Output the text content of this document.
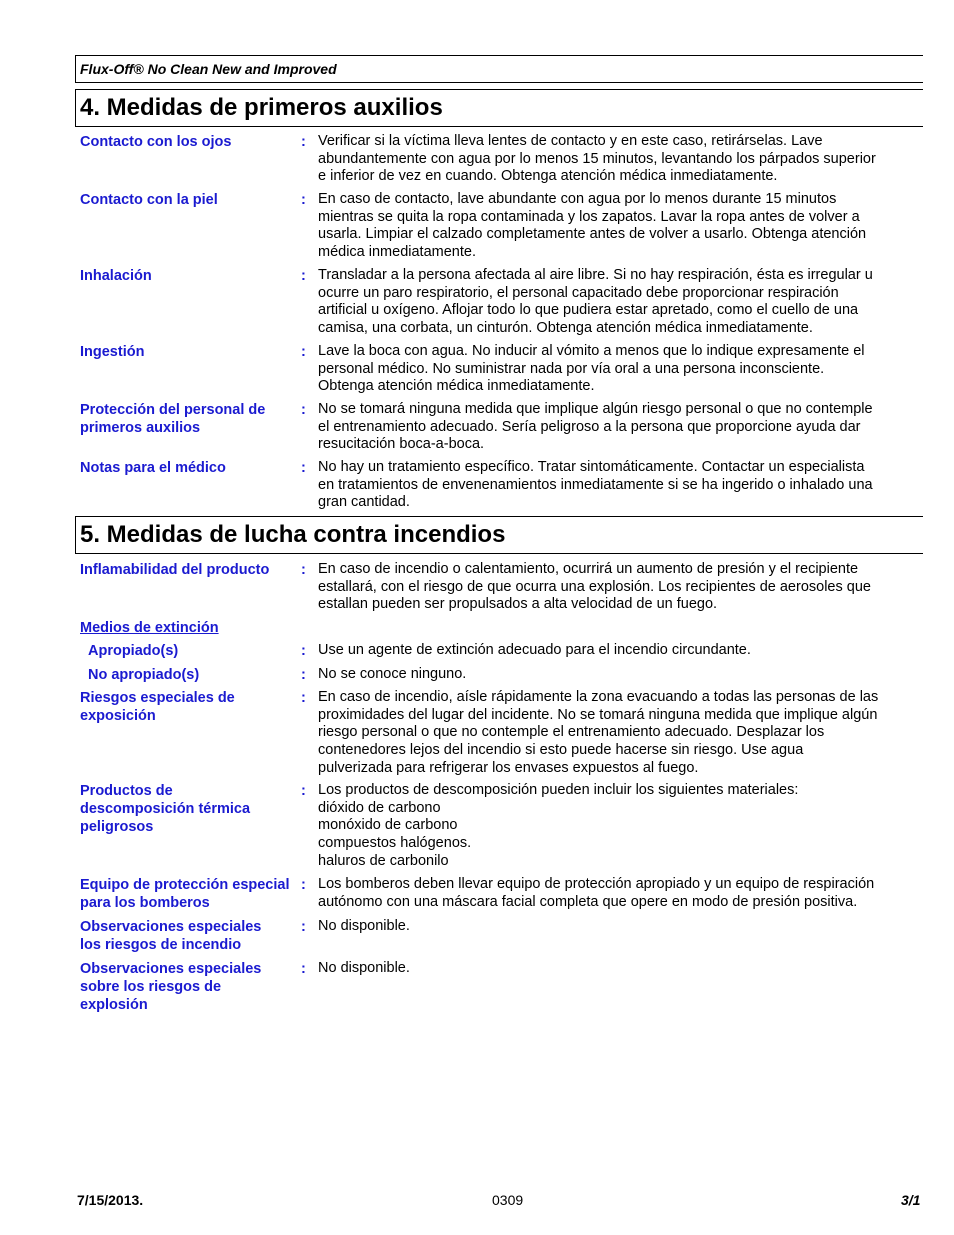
Flux-Off® No Clean New and Improved
4. Medidas de primeros auxilios
Contacto con los ojos	: Verificar si la víctima lleva lentes de contacto y en este caso, retirárselas. Lave
abundantemente con agua por lo menos 15 minutos, levantando los párpados superior
e inferior de vez en cuando. Obtenga atención médica inmediatamente.
Contacto con la piel	: En caso de contacto, lave abundante con agua por lo menos durante 15 minutos
mientras se quita la ropa contaminada y los zapatos. Lavar la ropa antes de volver a
usarla. Limpiar el calzado completamente antes de volver a usarlo. Obtenga atención
médica inmediatamente.
Inhalación	: Transladar a la persona afectada al aire libre. Si no hay respiración, ésta es irregular u
ocurre un paro respiratorio, el personal capacitado debe proporcionar respiración
artificial u oxígeno. Aflojar todo lo que pudiera estar apretado, como el cuello de una
camisa, una corbata, un cinturón. Obtenga atención médica inmediatamente.
Ingestión	: Lave la boca con agua. No inducir al vómito a menos que lo indique expresamente el
personal médico. No suministrar nada por vía oral a una persona inconsciente.
Obtenga atención médica inmediatamente.
Protección del personal de primeros auxilios
: No se tomará ninguna medida que implique algún riesgo personal o que no contemple
el entrenamiento adecuado. Sería peligroso a la persona que proporcione ayuda dar
resucitación boca-a-boca.
Notas para el médico	: No hay un tratamiento específico. Tratar sintomáticamente. Contactar un especialista
en tratamientos de envenenamientos inmediatamente si se ha ingerido o inhalado una
gran cantidad.
5. Medidas de lucha contra incendios
Inflamabilidad del producto	: En caso de incendio o calentamiento, ocurrirá un aumento de presión y el recipiente
estallará, con el riesgo de que ocurra una explosión. Los recipientes de aerosoles que
estallan pueden ser propulsados a alta velocidad de un fuego.
Medios de extinción
Apropiado(s)	: Use un agente de extinción adecuado para el incendio circundante.
No apropiado(s)	: No se conoce ninguno.
Riesgos especiales de exposición
: En caso de incendio, aísle rápidamente la zona evacuando a todas las personas de las
proximidades del lugar del incidente. No se tomará ninguna medida que implique algún
riesgo personal o que no contemple el entrenamiento adecuado. Desplazar los
contenedores lejos del incendio si esto puede hacerse sin riesgo. Use agua
pulverizada para refrigerar los envases expuestos al fuego.
Productos de descomposición térmica peligrosos
: Los productos de descomposición pueden incluir los siguientes materiales:
dióxido de carbono
monóxido de carbono
compuestos halógenos.
haluros de carbonilo
Equipo de protección especial para los bomberos
: Los bomberos deben llevar equipo de protección apropiado y un equipo de respiración
autónomo con una máscara facial completa que opere en modo de presión positiva.
Observaciones especiales los riesgos de incendio
: No disponible.
Observaciones especiales sobre los riesgos de explosión
: No disponible.
7/15/2013.	0309	3/1
